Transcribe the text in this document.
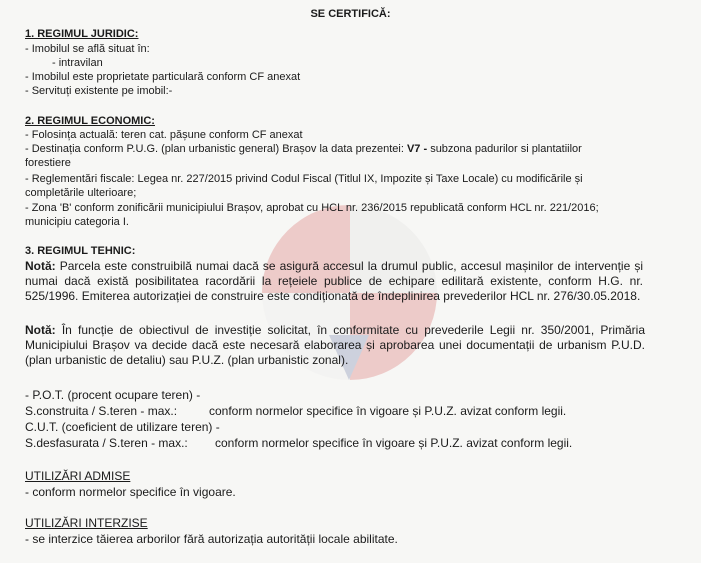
SE CERTIFICĂ:
1. REGIMUL JURIDIC:
- Imobilul se află situat în:
- intravilan
- Imobilul este proprietate particulară conform CF anexat
- Servituți existente pe imobil:-
2. REGIMUL ECONOMIC:
- Folosința actuală: teren cat. pășune conform CF anexat
- Destinația conform P.U.G. (plan urbanistic general) Brașov la data prezentei: V7 - subzona padurilor si plantatiilor
forestiere
- Reglementări fiscale: Legea nr. 227/2015 privind Codul Fiscal (Titlul IX, Impozite și Taxe Locale) cu modificările și
completările ulterioare;
- Zona 'B' conform zonificării municipiului Brașov, aprobat cu HCL nr. 236/2015 republicată conform HCL nr. 221/2016;
municipiu categoria I.
3. REGIMUL TEHNIC:
Notă: Parcela este construibilă numai dacă se asigură accesul la drumul public, accesul mașinilor de intervenție și numai dacă există posibilitatea racordării la rețeiele publice de echipare edilitară existente, conform H.G. nr. 525/1996. Emiterea autorizației de construire este condiționată de îndeplinirea prevederilor HCL nr. 276/30.05.2018.
Notă: În funcție de obiectivul de investiție solicitat, în conformitate cu prevederile Legii nr. 350/2001, Primăria Municipiului Brașov va decide dacă este necesară elaborarea și aprobarea unei documentații de urbanism P.U.D. (plan urbanistic de detaliu) sau P.U.Z. (plan urbanistic zonal).
- P.O.T. (procent ocupare teren) -
S.construita / S.teren - max.:	conform normelor specifice în vigoare și P.U.Z. avizat conform legii.
C.U.T. (coeficient de utilizare teren) -
S.desfasurata / S.teren - max.: conform normelor specifice în vigoare și P.U.Z. avizat conform legii.
UTILIZĂRI ADMISE
- conform normelor specifice în vigoare.
UTILIZĂRI INTERZISE
- se interzice tăierea arborilor fără autorizația autorității locale abilitate.
